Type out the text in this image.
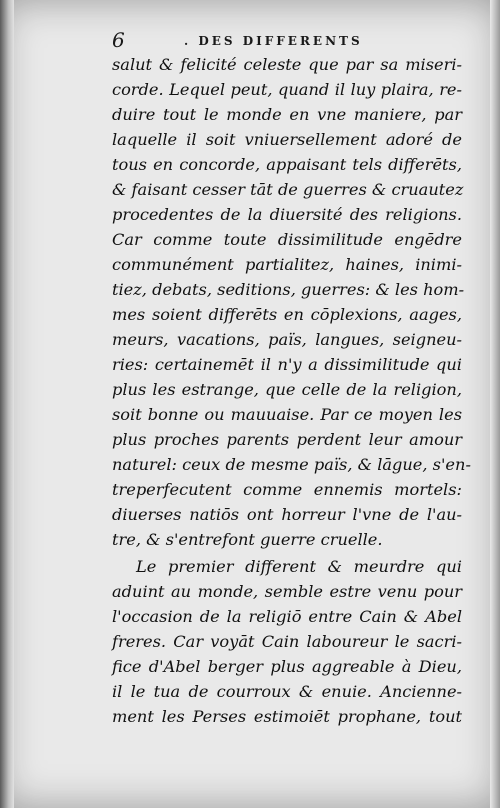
6	. DES DIFFERENTS
salut & felicité celeste que par sa miseri-
corde. Lequel peut, quand il luy plaira, re-
duire tout le monde en vne maniere, par
laquelle il soit vniuersellement adoré de
tous en concorde, appaisant tels differēts,
& faisant cesser tāt de guerres & cruautez
procedentes de la diuersité des religions.
Car comme toute dissimilitude engēdre
communément partialitez, haines, inimi-
tiez, debats, seditions, guerres: & les hom-
mes soient differēts en cōplexions, aages,
meurs, vacations, païs, langues, seigneu-
ries: certainemēt il n'y a dissimilitude qui
plus les estrange, que celle de la religion,
soit bonne ou mauuaise. Par ce moyen les
plus proches parents perdent leur amour
naturel: ceux de mesme païs, & lāgue, s'en-
treperfecutent comme ennemis mortels:
diuerses natiōs ont horreur l'vne de l'au-
tre, & s'entrefont guerre cruelle.
Le premier different & meurdre qui
aduint au monde, semble estre venu pour
l'occasion de la religiō entre Cain & Abel
freres. Car voyāt Cain laboureur le sacri-
fice d'Abel berger plus aggreable à Dieu,
il le tua de courroux & enuie. Ancienne-
ment les Perses estimoiēt prophane, tout
